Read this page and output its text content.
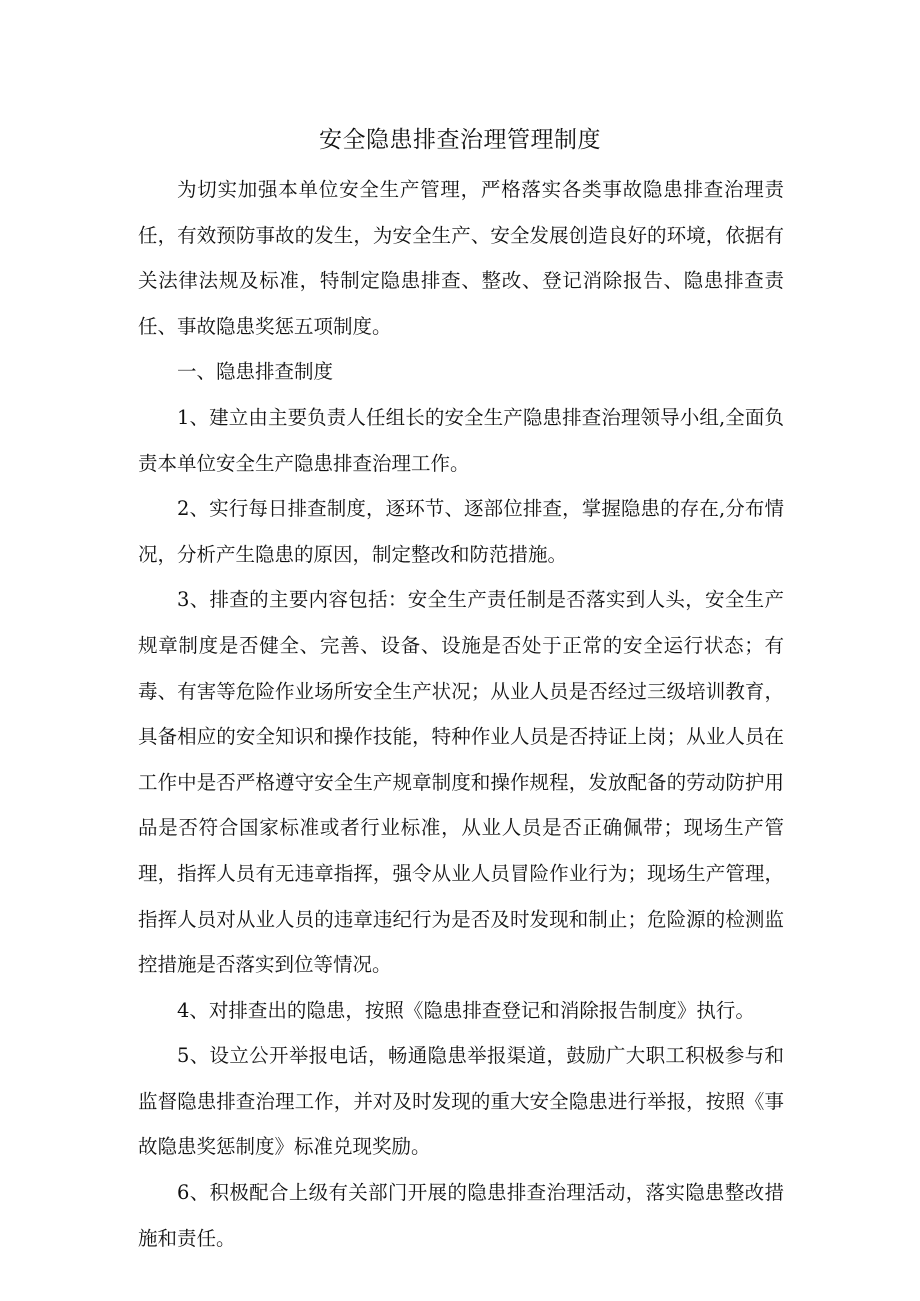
安全隐患排查治理管理制度

为切实加强本单位安全生产管理，严格落实各类事故隐患排查治理责任，有效预防事故的发生，为安全生产、安全发展创造良好的环境，依据有关法律法规及标准，特制定隐患排查、整改、登记消除报告、隐患排查责任、事故隐患奖惩五项制度。

一、隐患排查制度

1、建立由主要负责人任组长的安全生产隐患排查治理领导小组,全面负责本单位安全生产隐患排查治理工作。

2、实行每日排查制度，逐环节、逐部位排查，掌握隐患的存在,分布情况，分析产生隐患的原因，制定整改和防范措施。

3、排查的主要内容包括：安全生产责任制是否落实到人头，安全生产规章制度是否健全、完善、设备、设施是否处于正常的安全运行状态；有毒、有害等危险作业场所安全生产状况；从业人员是否经过三级培训教育，具备相应的安全知识和操作技能，特种作业人员是否持证上岗；从业人员在工作中是否严格遵守安全生产规章制度和操作规程，发放配备的劳动防护用品是否符合国家标准或者行业标准，从业人员是否正确佩带；现场生产管理，指挥人员有无违章指挥，强令从业人员冒险作业行为；现场生产管理，指挥人员对从业人员的违章违纪行为是否及时发现和制止；危险源的检测监控措施是否落实到位等情况。

4、对排查出的隐患，按照《隐患排查登记和消除报告制度》执行。

5、设立公开举报电话，畅通隐患举报渠道，鼓励广大职工积极参与和监督隐患排查治理工作，并对及时发现的重大安全隐患进行举报，按照《事故隐患奖惩制度》标准兑现奖励。

6、积极配合上级有关部门开展的隐患排查治理活动，落实隐患整改措施和责任。
